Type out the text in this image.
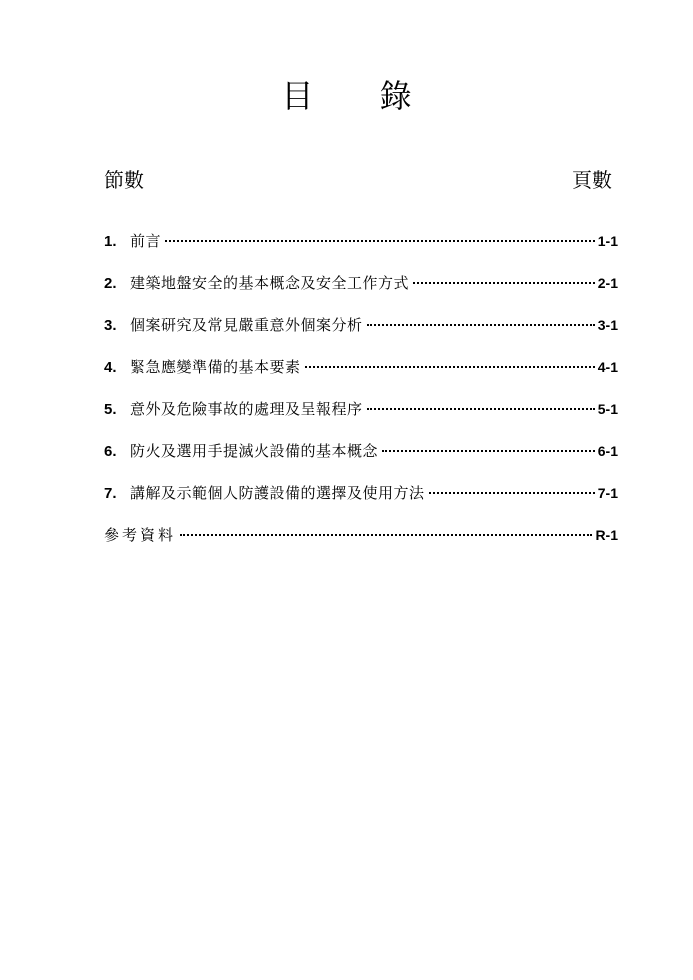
目 錄
節數	頁數
1. 前言	1-1
2. 建築地盤安全的基本概念及安全工作方式	2-1
3. 個案研究及常見嚴重意外個案分析	3-1
4. 緊急應變準備的基本要素	4-1
5. 意外及危險事故的處理及呈報程序	5-1
6. 防火及選用手提滅火設備的基本概念	6-1
7. 講解及示範個人防護設備的選擇及使用方法	7-1
參考資料	R-1
